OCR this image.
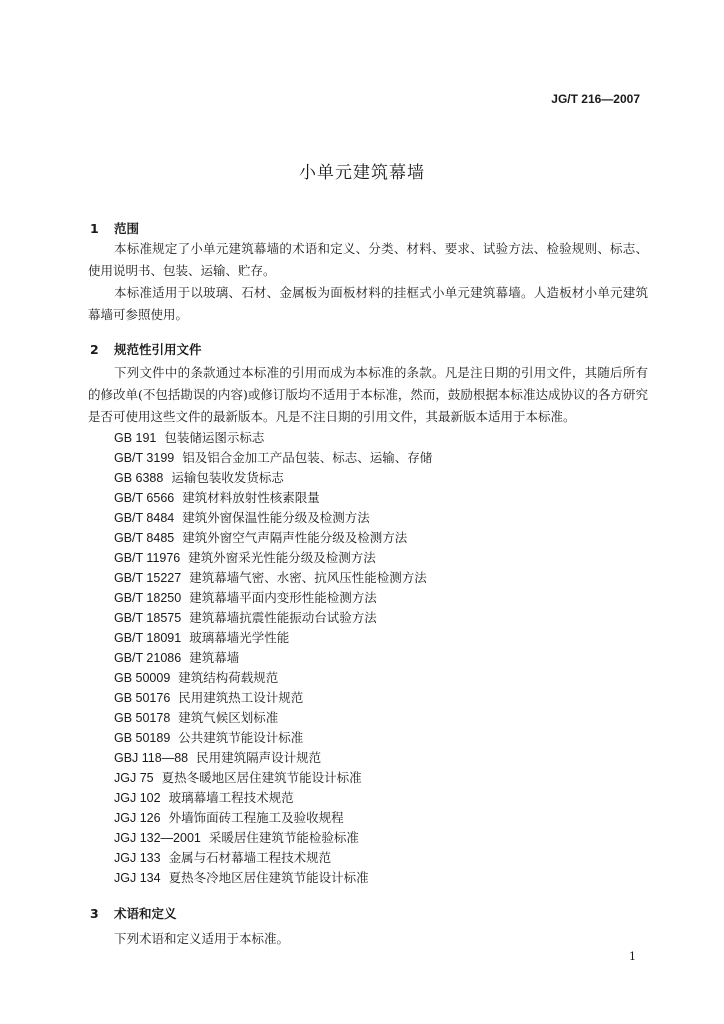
JG/T 216—2007
小单元建筑幕墙
1 范围

本标准规定了小单元建筑幕墙的术语和定义、分类、材料、要求、试验方法、检验规则、标志、使用说明书、包装、运输、贮存。

本标准适用于以玻璃、石材、金属板为面板材料的挂框式小单元建筑幕墙。人造板材小单元建筑幕墙可参照使用。

2 规范性引用文件

下列文件中的条款通过本标准的引用而成为本标准的条款。凡是注日期的引用文件，其随后所有的修改单(不包括勘误的内容)或修订版均不适用于本标准，然而，鼓励根据本标准达成协议的各方研究是否可使用这些文件的最新版本。凡是不注日期的引用文件，其最新版本适用于本标准。

GB 191 包装储运图示标志
GB/T 3199 铝及铝合金加工产品包装、标志、运输、存储
GB 6388 运输包装收发货标志
GB/T 6566 建筑材料放射性核素限量
GB/T 8484 建筑外窗保温性能分级及检测方法
GB/T 8485 建筑外窗空气声隔声性能分级及检测方法
GB/T 11976 建筑外窗采光性能分级及检测方法
GB/T 15227 建筑幕墙气密、水密、抗风压性能检测方法
GB/T 18250 建筑幕墙平面内变形性能检测方法
GB/T 18575 建筑幕墙抗震性能振动台试验方法
GB/T 18091 玻璃幕墙光学性能
GB/T 21086 建筑幕墙
GB 50009 建筑结构荷载规范
GB 50176 民用建筑热工设计规范
GB 50178 建筑气候区划标准
GB 50189 公共建筑节能设计标准
GBJ 118—88 民用建筑隔声设计规范
JGJ 75 夏热冬暖地区居住建筑节能设计标准
JGJ 102 玻璃幕墙工程技术规范
JGJ 126 外墙饰面砖工程施工及验收规程
JGJ 132—2001 采暖居住建筑节能检验标准
JGJ 133 金属与石材幕墙工程技术规范
JGJ 134 夏热冬冷地区居住建筑节能设计标准
3 术语和定义

下列术语和定义适用于本标准。

1
